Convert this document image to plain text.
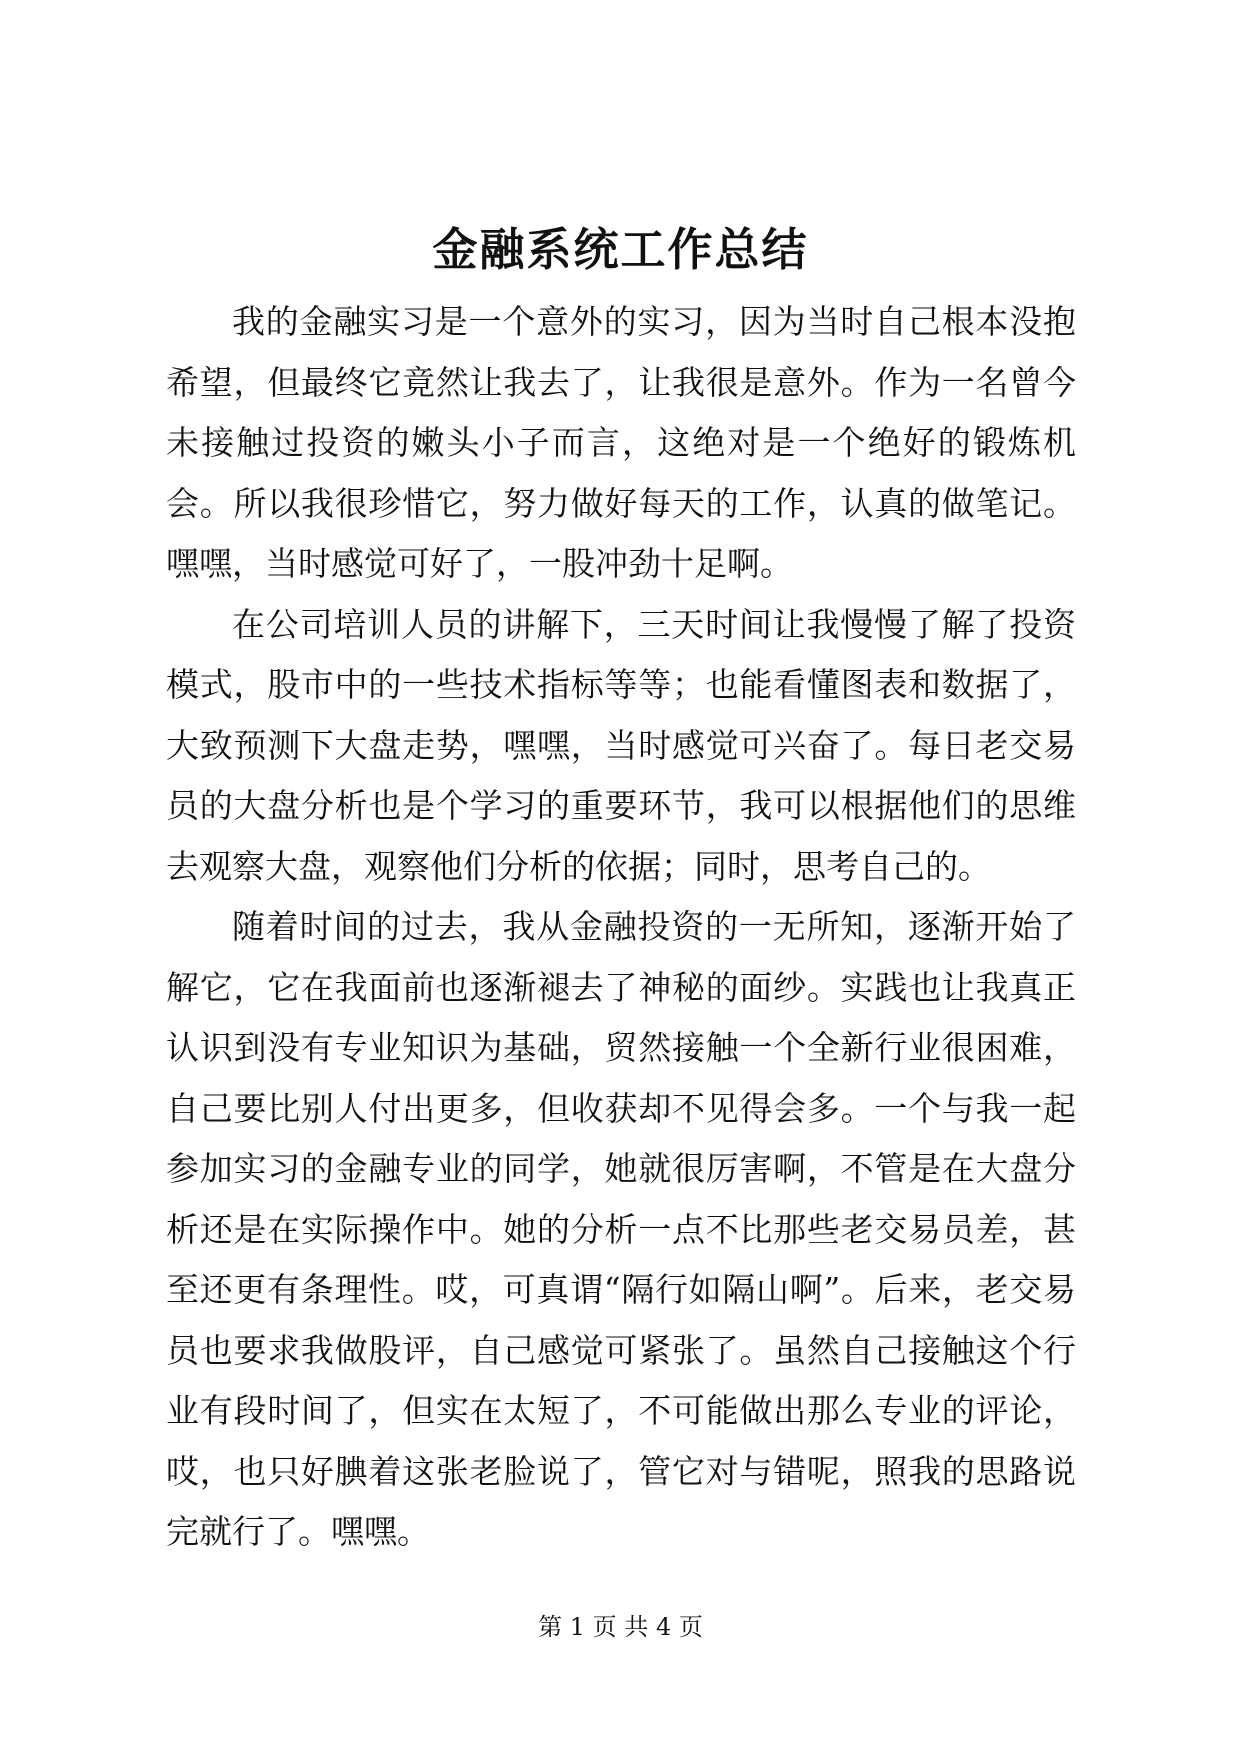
金融系统工作总结

我的金融实习是一个意外的实习，因为当时自己根本没抱希望，但最终它竟然让我去了，让我很是意外。作为一名曾今未接触过投资的嫩头小子而言，这绝对是一个绝好的锻炼机会。所以我很珍惜它，努力做好每天的工作，认真的做笔记。嘿嘿，当时感觉可好了，一股冲劲十足啊。

在公司培训人员的讲解下，三天时间让我慢慢了解了投资模式，股市中的一些技术指标等等；也能看懂图表和数据了，大致预测下大盘走势，嘿嘿，当时感觉可兴奋了。每日老交易员的大盘分析也是个学习的重要环节，我可以根据他们的思维去观察大盘，观察他们分析的依据；同时，思考自己的。

随着时间的过去，我从金融投资的一无所知，逐渐开始了解它，它在我面前也逐渐褪去了神秘的面纱。实践也让我真正认识到没有专业知识为基础，贸然接触一个全新行业很困难，自己要比别人付出更多，但收获却不见得会多。一个与我一起参加实习的金融专业的同学，她就很厉害啊，不管是在大盘分析还是在实际操作中。她的分析一点不比那些老交易员差，甚至还更有条理性。哎，可真谓“隔行如隔山啊”。后来，老交易员也要求我做股评，自己感觉可紧张了。虽然自己接触这个行业有段时间了，但实在太短了，不可能做出那么专业的评论，哎，也只好腆着这张老脸说了，管它对与错呢，照我的思路说完就行了。嘿嘿。

第 1 页 共 4 页
